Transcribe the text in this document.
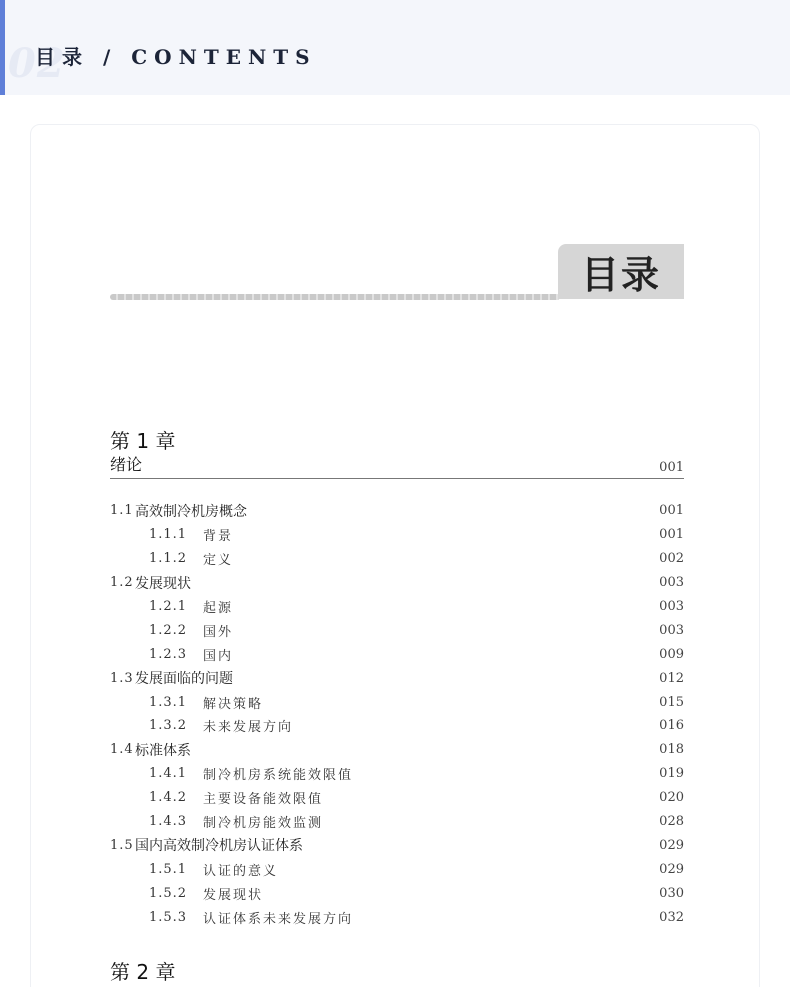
02
目录 / CONTENTS
目录
第 1 章
绪论	001
1.1 高效制冷机房概念	001
1.1.1	背景	001
1.1.2	定义	002
1.2 发展现状	003
1.2.1	起源	003
1.2.2	国外	003
1.2.3	国内	009
1.3 发展面临的问题	012
1.3.1	解决策略	015
1.3.2	未来发展方向	016
1.4 标准体系	018
1.4.1	制冷机房系统能效限值	019
1.4.2	主要设备能效限值	020
1.4.3	制冷机房能效监测	028
1.5 国内高效制冷机房认证体系	029
1.5.1	认证的意义	029
1.5.2	发展现状	030
1.5.3	认证体系未来发展方向	032
第 2 章
